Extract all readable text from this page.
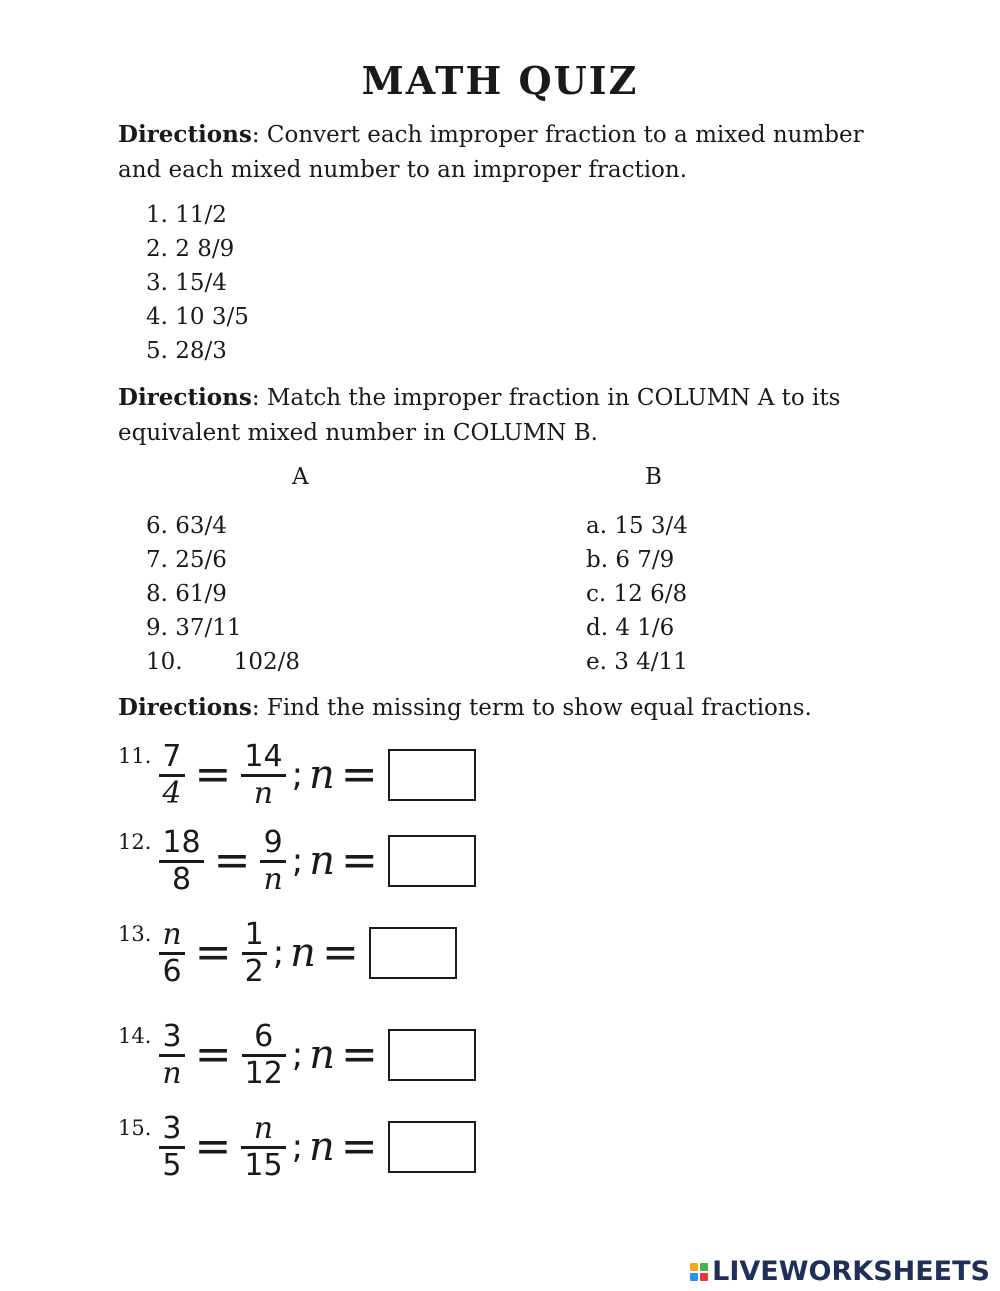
MATH QUIZ
Directions: Convert each improper fraction to a mixed number and each mixed number to an improper fraction.
1. 11/2
2. 2 8/9
3. 15/4
4. 10 3/5
5. 28/3
Directions: Match the improper fraction in COLUMN A to its equivalent mixed number in COLUMN B.
A	B
6. 63/4
7. 25/6
8. 61/9
9. 37/11
10.       102/8
a. 15 3/4
b. 6 7/9
c. 12 6/8
d. 4 1/6
e. 3 4/11
Directions: Find the missing term to show equal fractions.
11. $\frac{7}{4} = \frac{14}{n}$ ; n =
12. $\frac{18}{8} = \frac{9}{n}$ ; n =
13. $\frac{n}{6} = \frac{1}{2}$ ; n =
14. $\frac{3}{n} = \frac{6}{12}$ ; n =
15. $\frac{3}{5} = \frac{n}{15}$ ; n =
LIVEWORKSHEETS
